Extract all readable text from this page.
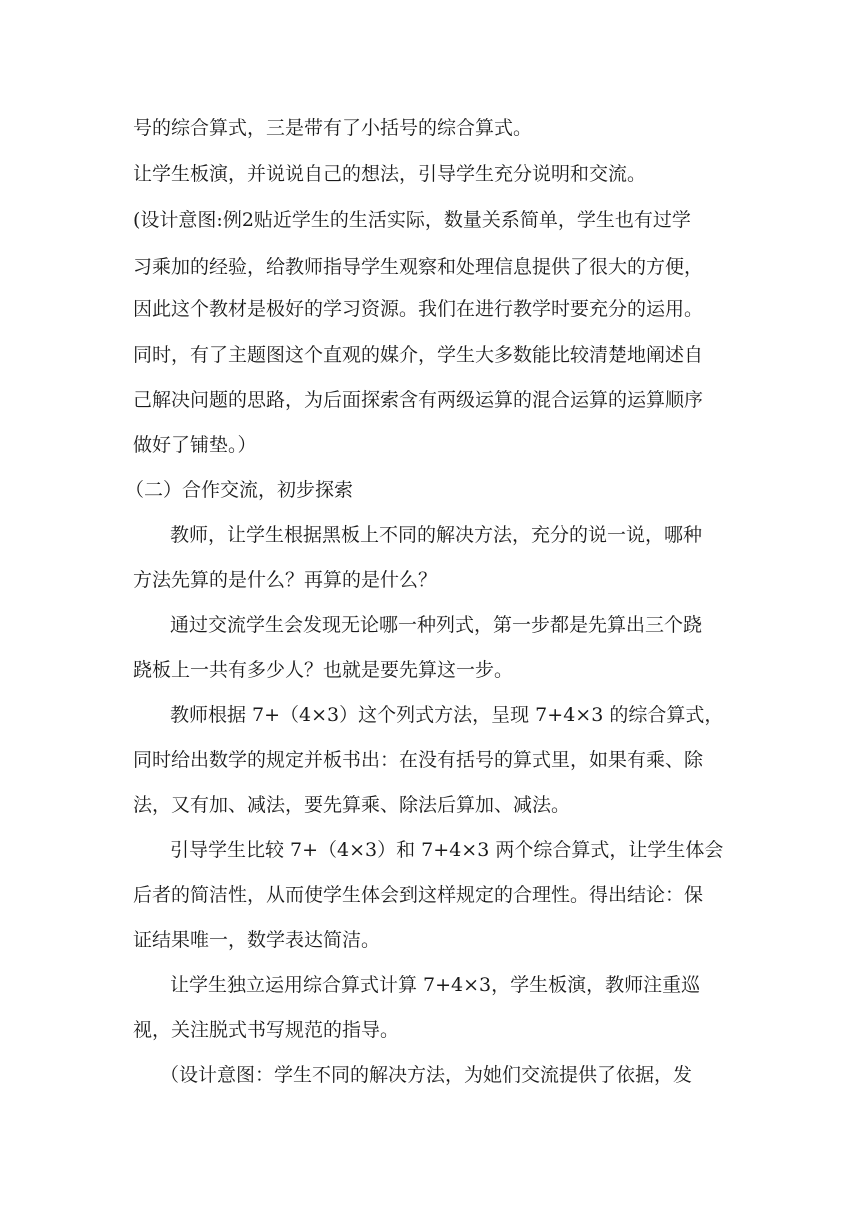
号的综合算式，三是带有了小括号的综合算式。
让学生板演，并说说自己的想法，引导学生充分说明和交流。
(设计意图:例2贴近学生的生活实际，数量关系简单，学生也有过学
习乘加的经验，给教师指导学生观察和处理信息提供了很大的方便，
因此这个教材是极好的学习资源。我们在进行教学时要充分的运用。
同时，有了主题图这个直观的媒介，学生大多数能比较清楚地阐述自
己解决问题的思路，为后面探索含有两级运算的混合运算的运算顺序
做好了铺垫。）
（二）合作交流，初步探索
教师，让学生根据黑板上不同的解决方法，充分的说一说，哪种
方法先算的是什么？再算的是什么？
通过交流学生会发现无论哪一种列式，第一步都是先算出三个跷
跷板上一共有多少人？也就是要先算这一步。
教师根据 7+（4×3）这个列式方法，呈现 7+4×3 的综合算式，
同时给出数学的规定并板书出：在没有括号的算式里，如果有乘、除
法，又有加、减法，要先算乘、除法后算加、减法。
引导学生比较 7+（4×3）和 7+4×3 两个综合算式，让学生体会
后者的简洁性，从而使学生体会到这样规定的合理性。得出结论：保
证结果唯一，数学表达简洁。
让学生独立运用综合算式计算 7+4×3，学生板演，教师注重巡
视，关注脱式书写规范的指导。
（设计意图：学生不同的解决方法，为她们交流提供了依据，发
